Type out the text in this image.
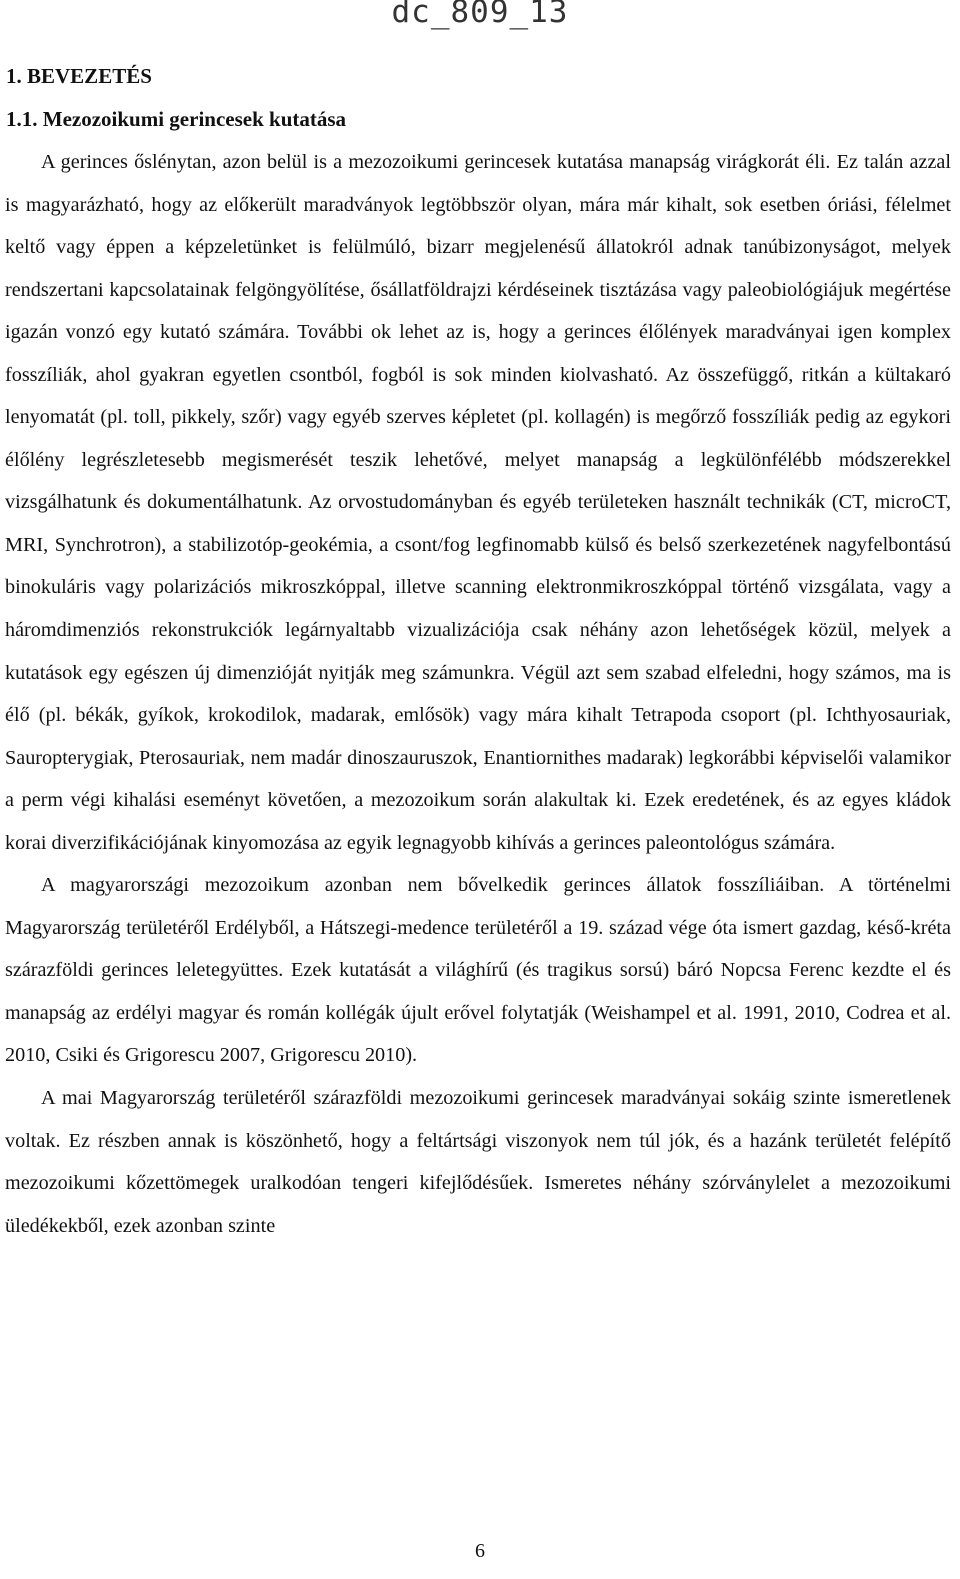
dc_809_13
1. BEVEZETÉS
1.1. Mezozoikumi gerincesek kutatása

A gerinces őslénytan, azon belül is a mezozoikumi gerincesek kutatása manapság virágkorát éli. Ez talán azzal is magyarázható, hogy az előkerült maradványok legtöbbször olyan, mára már kihalt, sok esetben óriási, félelmet keltő vagy éppen a képzeletünket is felülmúló, bizarr megjelenésű állatokról adnak tanúbizonyságot, melyek rendszertani kapcsolatainak felgöngyölítése, ősállatföldrajzi kérdéseinek tisztázása vagy paleobiológiájuk megértése igazán vonzó egy kutató számára. További ok lehet az is, hogy a gerinces élőlények maradványai igen komplex fosszíliák, ahol gyakran egyetlen csontból, fogból is sok minden kiolvasható. Az összefüggő, ritkán a kültakaró lenyomatát (pl. toll, pikkely, szőr) vagy egyéb szerves képletet (pl. kollagén) is megőrző fosszíliák pedig az egykori élőlény legrészletesebb megismerését teszik lehetővé, melyet manapság a legkülönfélébb módszerekkel vizsgálhatunk és dokumentálhatunk. Az orvostudományban és egyéb területeken használt technikák (CT, microCT, MRI, Synchrotron), a stabilizotóp-geokémia, a csont/fog legfinomabb külső és belső szerkezetének nagyfelbontású binokuláris vagy polarizációs mikroszkóppal, illetve scanning elektronmikroszkóppal történő vizsgálata, vagy a háromdimenziós rekonstrukciók legárnyaltabb vizualizációja csak néhány azon lehetőségek közül, melyek a kutatások egy egészen új dimenzióját nyitják meg számunkra. Végül azt sem szabad elfeledni, hogy számos, ma is élő (pl. békák, gyíkok, krokodilok, madarak, emlősök) vagy mára kihalt Tetrapoda csoport (pl. Ichthyosauriak, Sauropterygiak, Pterosauriak, nem madár dinoszauruszok, Enantiornithes madarak) legkorábbi képviselői valamikor a perm végi kihalási eseményt követően, a mezozoikum során alakultak ki. Ezek eredetének, és az egyes kládok korai diverzifikációjának kinyomozása az egyik legnagyobb kihívás a gerinces paleontológus számára.

A magyarországi mezozoikum azonban nem bővelkedik gerinces állatok fosszíliáiban. A történelmi Magyarország területéről Erdélyből, a Hátszegi-medence területéről a 19. század vége óta ismert gazdag, késő-kréta szárazföldi gerinces leletegyüttes. Ezek kutatását a világhírű (és tragikus sorsú) báró Nopcsa Ferenc kezdte el és manapság az erdélyi magyar és román kollégák újult erővel folytatják (Weishampel et al. 1991, 2010, Codrea et al. 2010, Csiki és Grigorescu 2007, Grigorescu 2010).

A mai Magyarország területéről szárazföldi mezozoikumi gerincesek maradványai sokáig szinte ismeretlenek voltak. Ez részben annak is köszönhető, hogy a feltártsági viszonyok nem túl jók, és a hazánk területét felépítő mezozoikumi kőzettömegek uralkodóan tengeri kifejlődésűek. Ismeretes néhány szórványlelet a mezozoikumi üledékekből, ezek azonban szinte

6
